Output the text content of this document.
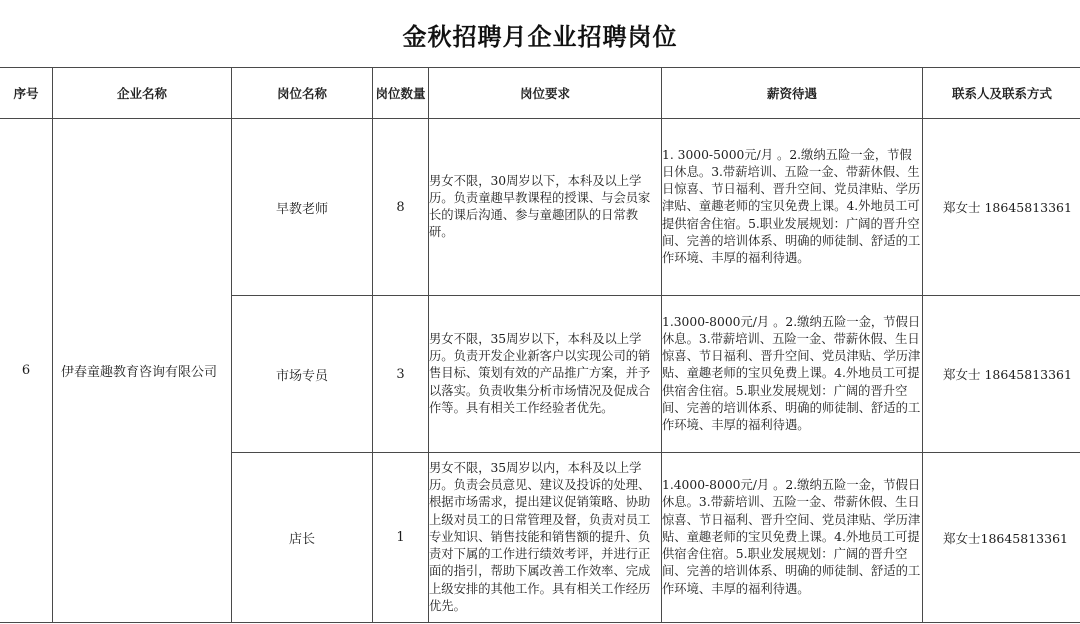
金秋招聘月企业招聘岗位
序号	企业名称	岗位名称	岗位数量	岗位要求	薪资待遇	联系人及联系方式
6	伊春童趣教育咨询有限公司	早教老师	8	男女不限，30周岁以下，本科及以上学历。负责童趣早教课程的授课、与会员家长的课后沟通、参与童趣团队的日常教研。	1. 3000-5000元/月 。2.缴纳五险一金，节假日休息。3.带薪培训、五险一金、带薪休假、生日惊喜、节日福利、晋升空间、党员津贴、学历津贴、童趣老师的宝贝免费上课。4.外地员工可提供宿舍住宿。5.职业发展规划：广阔的晋升空间、完善的培训体系、明确的师徒制、舒适的工作环境、丰厚的福利待遇。	郑女士 18645813361
		市场专员	3	男女不限，35周岁以下，本科及以上学历。负责开发企业新客户以实现公司的销售目标、策划有效的产品推广方案，并予以落实。负责收集分析市场情况及促成合作等。具有相关工作经验者优先。	1.3000-8000元/月 。2.缴纳五险一金，节假日休息。3.带薪培训、五险一金、带薪休假、生日惊喜、节日福利、晋升空间、党员津贴、学历津贴、童趣老师的宝贝免费上课。4.外地员工可提供宿舍住宿。5.职业发展规划：广阔的晋升空间、完善的培训体系、明确的师徒制、舒适的工作环境、丰厚的福利待遇。	郑女士 18645813361
		店长	1	男女不限，35周岁以内，本科及以上学历。负责会员意见、建议及投诉的处理、根据市场需求，提出建议促销策略、协助上级对员工的日常管理及督，负责对员工专业知识、销售技能和销售额的提升、负责对下属的工作进行绩效考评，并进行正面的指引，帮助下属改善工作效率、完成上级安排的其他工作。具有相关工作经历优先。	1.4000-8000元/月 。2.缴纳五险一金，节假日休息。3.带薪培训、五险一金、带薪休假、生日惊喜、节日福利、晋升空间、党员津贴、学历津贴、童趣老师的宝贝免费上课。4.外地员工可提供宿舍住宿。5.职业发展规划：广阔的晋升空间、完善的培训体系、明确的师徒制、舒适的工作环境、丰厚的福利待遇。	郑女士18645813361
